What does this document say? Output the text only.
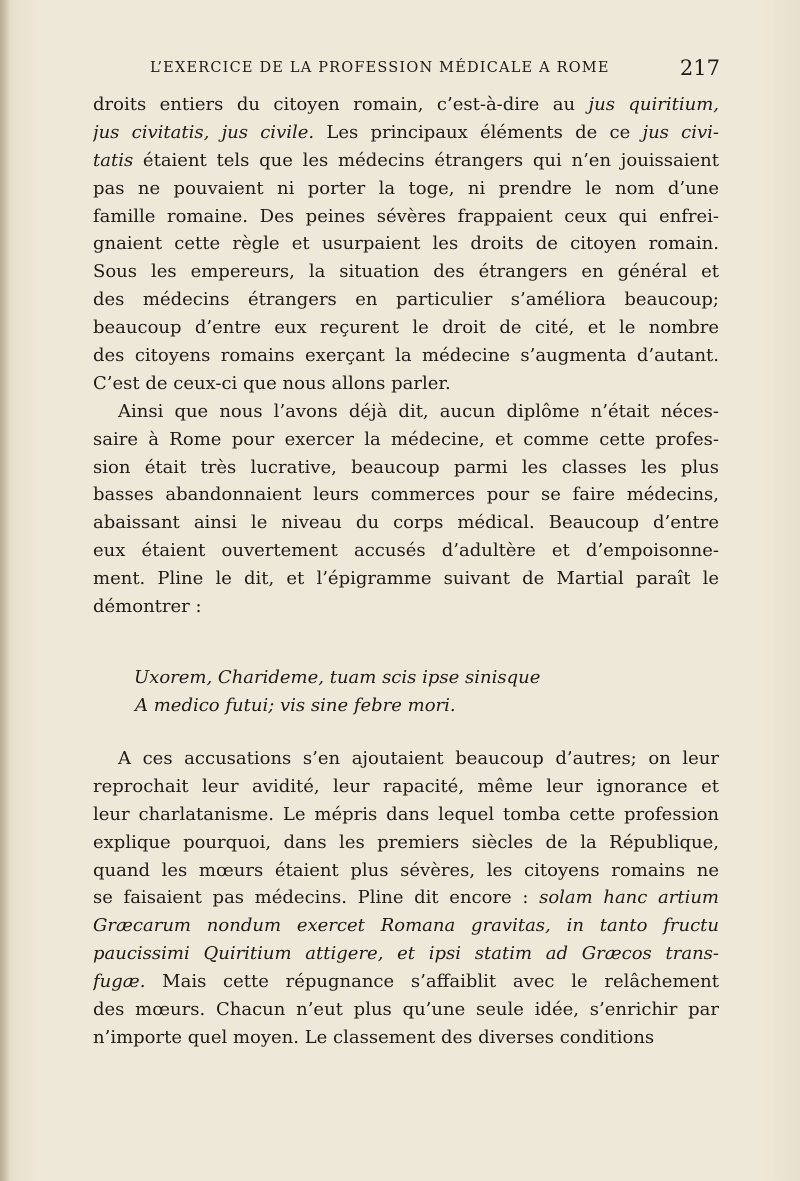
L’EXERCICE DE LA PROFESSION MÉDICALE A ROME	217
droits entiers du citoyen romain, c’est-à-dire au jus quiritium,
jus civitatis, jus civile. Les principaux éléments de ce jus civi-
tatis étaient tels que les médecins étrangers qui n’en jouissaient
pas ne pouvaient ni porter la toge, ni prendre le nom d’une
famille romaine. Des peines sévères frappaient ceux qui enfrei-
gnaient cette règle et usurpaient les droits de citoyen romain.
Sous les empereurs, la situation des étrangers en général et
des médecins étrangers en particulier s’améliora beaucoup;
beaucoup d’entre eux reçurent le droit de cité, et le nombre
des citoyens romains exerçant la médecine s’augmenta d’autant.
C’est de ceux-ci que nous allons parler.
Ainsi que nous l’avons déjà dit, aucun diplôme n’était néces-
saire à Rome pour exercer la médecine, et comme cette profes-
sion était très lucrative, beaucoup parmi les classes les plus
basses abandonnaient leurs commerces pour se faire médecins,
abaissant ainsi le niveau du corps médical. Beaucoup d’entre
eux étaient ouvertement accusés d’adultère et d’empoisonne-
ment. Pline le dit, et l’épigramme suivant de Martial paraît le
démontrer :
Uxorem, Charideme, tuam scis ipse sinisque
A medico futui; vis sine febre mori.
A ces accusations s’en ajoutaient beaucoup d’autres; on leur
reprochait leur avidité, leur rapacité, même leur ignorance et
leur charlatanisme. Le mépris dans lequel tomba cette profession
explique pourquoi, dans les premiers siècles de la République,
quand les mœurs étaient plus sévères, les citoyens romains ne
se faisaient pas médecins. Pline dit encore : solam hanc artium
Græcarum nondum exercet Romana gravitas, in tanto fructu
paucissimi Quiritium attigere, et ipsi statim ad Græcos trans-
fugæ. Mais cette répugnance s’affaiblit avec le relâchement
des mœurs. Chacun n’eut plus qu’une seule idée, s’enrichir par
n’importe quel moyen. Le classement des diverses conditions
